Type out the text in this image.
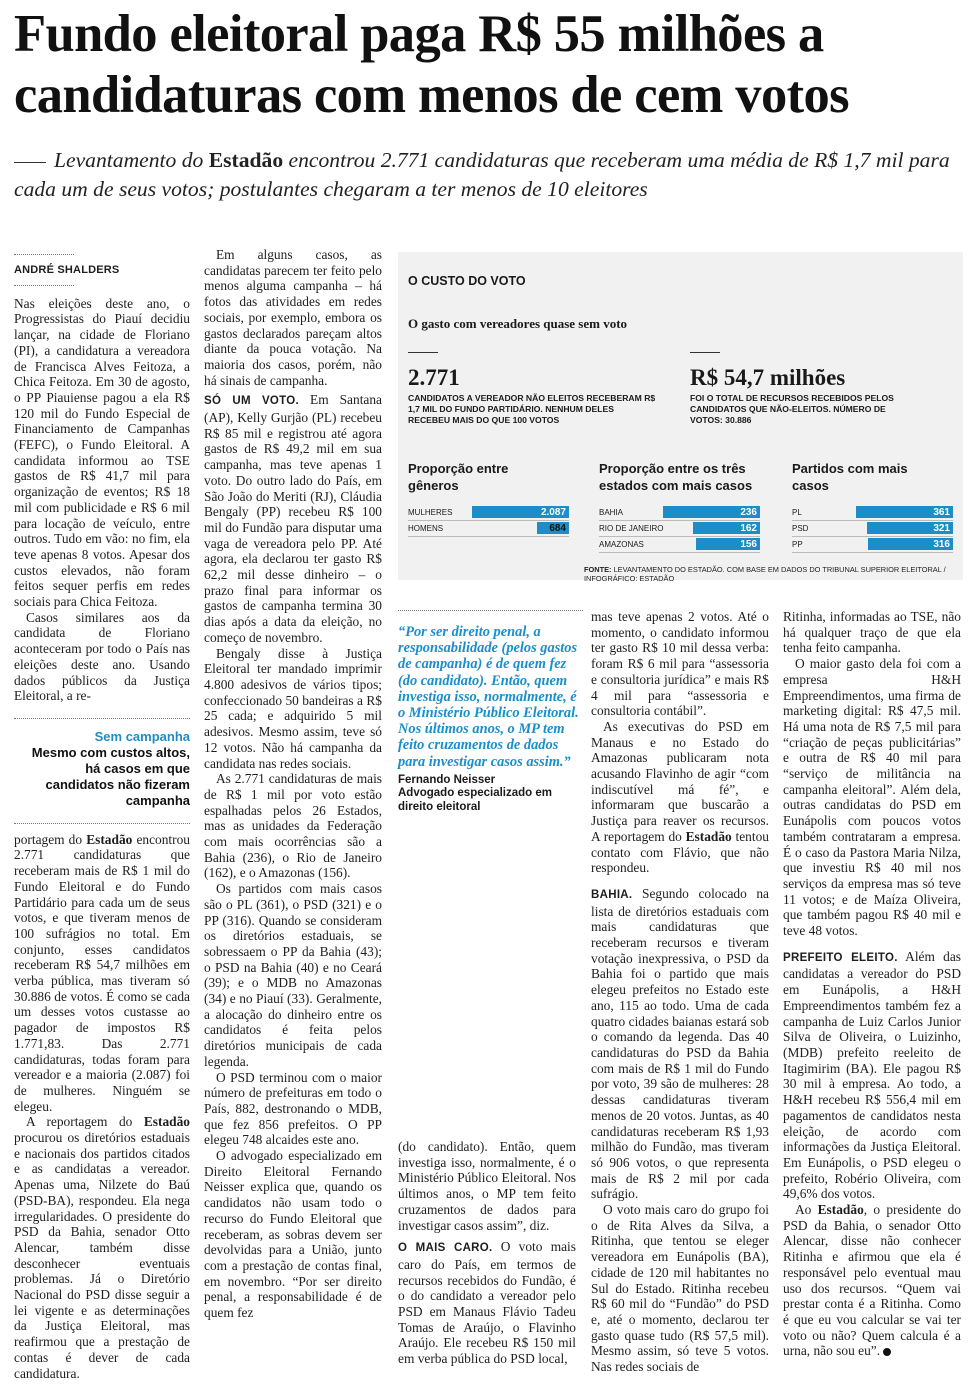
Fundo eleitoral paga R$ 55 milhões a candidaturas com menos de cem votos
Levantamento do Estadão encontrou 2.771 candidaturas que receberam uma média de R$ 1,7 mil para cada um de seus votos; postulantes chegaram a ter menos de 10 eleitores
ANDRÉ SHALDERS

Nas eleições deste ano, o Progressistas do Piauí decidiu lançar, na cidade de Floriano (PI), a candidatura a vereadora de Francisca Alves Feitoza, a Chica Feitoza. Em 30 de agosto, o PP Piauiense pagou a ela R$ 120 mil do Fundo Especial de Financiamento de Campanhas (FEFC), o Fundo Eleitoral. A candidata informou ao TSE gastos de R$ 41,7 mil para organização de eventos; R$ 18 mil com publicidade e R$ 6 mil para locação de veículo, entre outros. Tudo em vão: no fim, ela teve apenas 8 votos. Apesar dos custos elevados, não foram feitos sequer perfis em redes sociais para Chica Feitoza.

Casos similares aos da candidata de Floriano aconteceram por todo o País nas eleições deste ano. Usando dados públicos da Justiça Eleitoral, a re-

Sem campanha
Mesmo com custos altos, há casos em que candidatos não fizeram campanha

portagem do Estadão encontrou 2.771 candidaturas que receberam mais de R$ 1 mil do Fundo Eleitoral e do Fundo Partidário para cada um de seus votos, e que tiveram menos de 100 sufrágios no total. Em conjunto, esses candidatos receberam R$ 54,7 milhões em verba pública, mas tiveram só 30.886 de votos. É como se cada um desses votos custasse ao pagador de impostos R$ 1.771,83. Das 2.771 candidaturas, todas foram para vereador e a maioria (2.087) foi de mulheres. Ninguém se elegeu.

A reportagem do Estadão procurou os diretórios estaduais e nacionais dos partidos citados e as candidatas a vereador. Apenas uma, Nilzete do Baú (PSD-BA), respondeu. Ela nega irregularidades. O presidente do PSD da Bahia, senador Otto Alencar, também disse desconhecer eventuais problemas. Já o Diretório Nacional do PSD disse seguir a lei vigente e as determinações da Justiça Eleitoral, mas reafirmou que a prestação de contas é dever de cada candidatura.

Em alguns casos, as candidatas parecem ter feito pelo menos alguma campanha – há fotos das atividades em redes sociais, por exemplo, embora os gastos declarados pareçam altos diante da pouca votação. Na maioria dos casos, porém, não há sinais de campanha.

SÓ UM VOTO. Em Santana (AP), Kelly Gurjão (PL) recebeu R$ 85 mil e registrou até agora gastos de R$ 49,2 mil em sua campanha, mas teve apenas 1 voto. Do outro lado do País, em São João do Meriti (RJ), Cláudia Bengaly (PP) recebeu R$ 100 mil do Fundão para disputar uma vaga de vereadora pelo PP. Até agora, ela declarou ter gasto R$ 62,2 mil desse dinheiro – o prazo final para informar os gastos de campanha termina 30 dias após a data da eleição, no começo de novembro.

Bengaly disse à Justiça Eleitoral ter mandado imprimir 4.800 adesivos de vários tipos; confeccionado 50 bandeiras a R$ 25 cada; e adquirido 5 mil adesivos. Mesmo assim, teve só 12 votos. Não há campanha da candidata nas redes sociais.

As 2.771 candidaturas de mais de R$ 1 mil por voto estão espalhadas pelos 26 Estados, mas as unidades da Federação com mais ocorrências são a Bahia (236), o Rio de Janeiro (162), e o Amazonas (156).

Os partidos com mais casos são o PL (361), o PSD (321) e o PP (316). Quando se consideram os diretórios estaduais, se sobressaem o PP da Bahia (43); o PSD na Bahia (40) e no Ceará (39); e o MDB no Amazonas (34) e no Piauí (33). Geralmente, a alocação do dinheiro entre os candidatos é feita pelos diretórios municipais de cada legenda.

O PSD terminou com o maior número de prefeituras em todo o País, 882, destronando o MDB, que fez 856 prefeitos. O PP elegeu 748 alcaides este ano.

O advogado especializado em Direito Eleitoral Fernando Neisser explica que, quando os candidatos não usam todo o recurso do Fundo Eleitoral que receberam, as sobras devem ser devolvidas para a União, junto com a prestação de contas final, em novembro. “Por ser direito penal, a responsabilidade é de quem fez

O CUSTO DO VOTO
O gasto com vereadores quase sem voto
2.771
CANDIDATOS A VEREADOR NÃO ELEITOS RECEBERAM R$ 1,7 MIL DO FUNDO PARTIDÁRIO. NENHUM DELES RECEBEU MAIS DO QUE 100 VOTOS
R$ 54,7 milhões
FOI O TOTAL DE RECURSOS RECEBIDOS PELOS CANDIDATOS QUE NÃO-ELEITOS. NÚMERO DE VOTOS: 30.886
Proporção entre gêneros
Proporção entre os três estados com mais casos
Partidos com mais casos
MULHERES	2.087
HOMENS	684
BAHIA	236
RIO DE JANEIRO	162
AMAZONAS	156
PL	361
PSD	321
PP	316
FONTE: LEVANTAMENTO DO ESTADÃO. COM BASE EM DADOS DO TRIBUNAL SUPERIOR ELEITORAL / INFOGRÁFICO: ESTADÃO
“Por ser direito penal, a responsabilidade (pelos gastos de campanha) é de quem fez (do candidato). Então, quem investiga isso, normalmente, é o Ministério Público Eleitoral. Nos últimos anos, o MP tem feito cruzamentos de dados para investigar casos assim.”
Fernando Neisser
Advogado especializado em direito eleitoral

(do candidato). Então, quem investiga isso, normalmente, é o Ministério Público Eleitoral. Nos últimos anos, o MP tem feito cruzamentos de dados para investigar casos assim”, diz.

O MAIS CARO. O voto mais caro do País, em termos de recursos recebidos do Fundão, é o do candidato a vereador pelo PSD em Manaus Flávio Tadeu Tomas de Araújo, o Flavinho Araújo. Ele recebeu R$ 150 mil em verba pública do PSD local,

mas teve apenas 2 votos. Até o momento, o candidato informou ter gasto R$ 10 mil dessa verba: foram R$ 6 mil para “assessoria e consultoria jurídica” e mais R$ 4 mil para “assessoria e consultoria contábil”.

As executivas do PSD em Manaus e no Estado do Amazonas publicaram nota acusando Flavinho de agir “com indiscutível má fé”, e informaram que buscarão a Justiça para reaver os recursos. A reportagem do Estadão tentou contato com Flávio, que não respondeu.

BAHIA. Segundo colocado na lista de diretórios estaduais com mais candidaturas que receberam recursos e tiveram votação inexpressiva, o PSD da Bahia foi o partido que mais elegeu prefeitos no Estado este ano, 115 ao todo. Uma de cada quatro cidades baianas estará sob o comando da legenda. Das 40 candidaturas do PSD da Bahia com mais de R$ 1 mil do Fundo por voto, 39 são de mulheres: 28 dessas candidaturas tiveram menos de 20 votos. Juntas, as 40 candidaturas receberam R$ 1,93 milhão do Fundão, mas tiveram só 906 votos, o que representa mais de R$ 2 mil por cada sufrágio.

O voto mais caro do grupo foi o de Rita Alves da Silva, a Ritinha, que tentou se eleger vereadora em Eunápolis (BA), cidade de 120 mil habitantes no Sul do Estado. Ritinha recebeu R$ 60 mil do “Fundão” do PSD e, até o momento, declarou ter gasto quase tudo (R$ 57,5 mil). Mesmo assim, só teve 5 votos. Nas redes sociais de

Ritinha, informadas ao TSE, não há qualquer traço de que ela tenha feito campanha.

O maior gasto dela foi com a empresa H&H Empreendimentos, uma firma de marketing digital: R$ 47,5 mil. Há uma nota de R$ 7,5 mil para “criação de peças publicitárias” e outra de R$ 40 mil para “serviço de militância na campanha eleitoral”. Além dela, outras candidatas do PSD em Eunápolis com poucos votos também contrataram a empresa. É o caso da Pastora Maria Nilza, que investiu R$ 40 mil nos serviços da empresa mas só teve 11 votos; e de Maíza Oliveira, que também pagou R$ 40 mil e teve 48 votos.

PREFEITO ELEITO. Além das candidatas a vereador do PSD em Eunápolis, a H&H Empreendimentos também fez a campanha de Luiz Carlos Junior Silva de Oliveira, o Luizinho, (MDB) prefeito reeleito de Itagimirim (BA). Ele pagou R$ 30 mil à empresa. Ao todo, a H&H recebeu R$ 556,4 mil em pagamentos de candidatos nesta eleição, de acordo com informações da Justiça Eleitoral. Em Eunápolis, o PSD elegeu o prefeito, Robério Oliveira, com 49,6% dos votos.

Ao Estadão, o presidente do PSD da Bahia, o senador Otto Alencar, disse não conhecer Ritinha e afirmou que ela é responsável pelo eventual mau uso dos recursos. “Quem vai prestar conta é a Ritinha. Como é que eu vou calcular se vai ter voto ou não? Quem calcula é a urna, não sou eu”.
